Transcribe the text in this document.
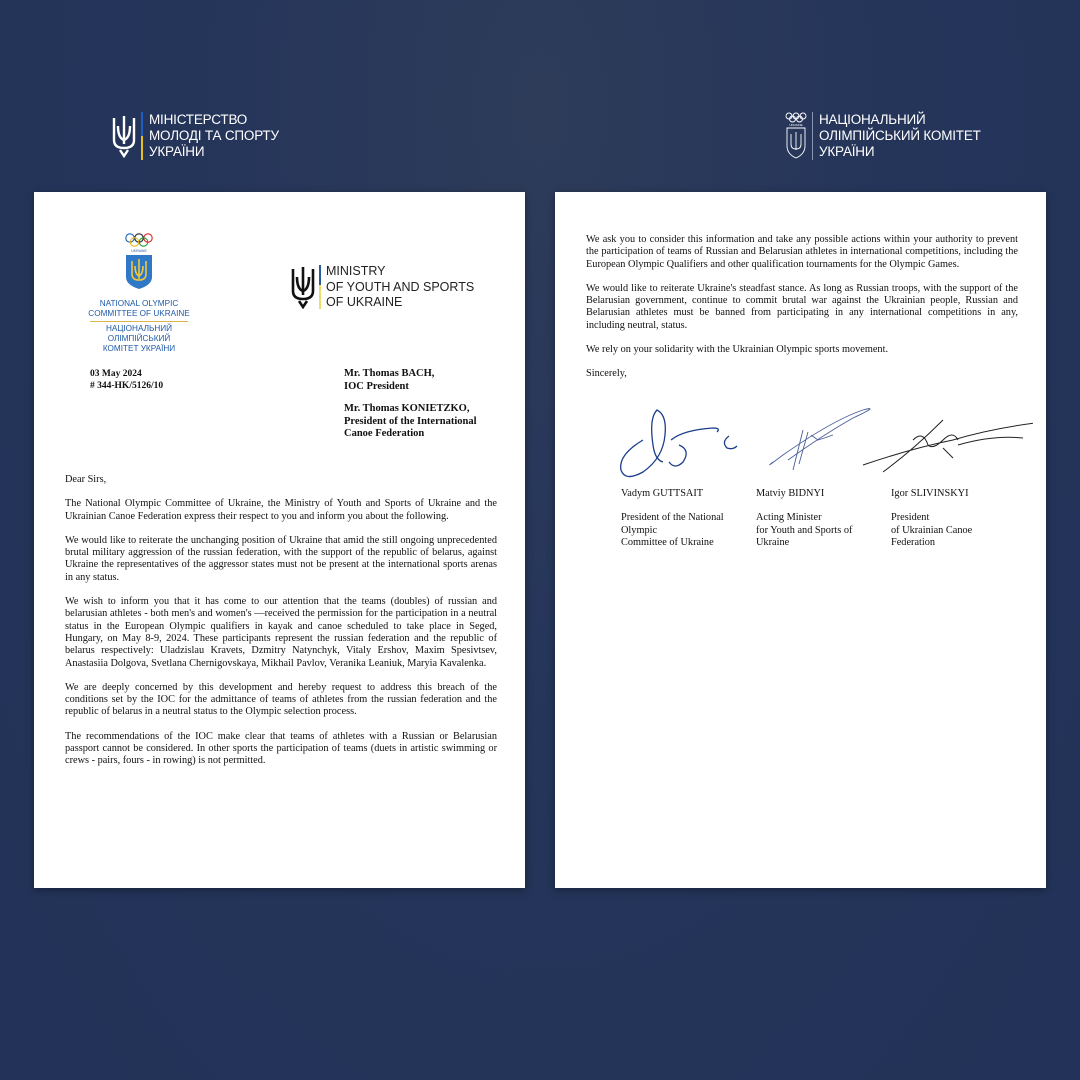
МІНІСТЕРСТВО
МОЛОДІ ТА СПОРТУ
УКРАЇНИ
UKRAINE НАЦІОНАЛЬНИЙ
ОЛІМПІЙСЬКИЙ КОМІТЕТ
УКРАЇНИ
UKRAINE
NATIONAL OLYMPIC
COMMITTEE OF UKRAINE
НАЦІОНАЛЬНИЙ ОЛІМПІЙСЬКИЙ
КОМІТЕТ УКРАЇНИ
MINISTRY
OF YOUTH AND SPORTS
OF UKRAINE
03 May 2024
# 344-HK/5126/10
Mr. Thomas BACH,
IOC President
Mr. Thomas KONIETZKO,
President of the International
Canoe Federation

Dear Sirs,

The National Olympic Committee of Ukraine, the Ministry of Youth and Sports of Ukraine and the Ukrainian Canoe Federation express their respect to you and inform you about the following.

We would like to reiterate the unchanging position of Ukraine that amid the still ongoing unprecedented brutal military aggression of the russian federation, with the support of the republic of belarus, against Ukraine the representatives of the aggressor states must not be present at the international sports arenas in any status.

We wish to inform you that it has come to our attention that the teams (doubles) of russian and belarusian athletes - both men's and women's —received the permission for the participation in a neutral status in the European Olympic qualifiers in kayak and canoe scheduled to take place in Seged, Hungary, on May 8-9, 2024. These participants represent the russian federation and the republic of belarus respectively: Uladzislau Kravets, Dzmitry Natynchyk, Vitaly Ershov, Maxim Spesivtsev, Anastasiia Dolgova, Svetlana Chernigovskaya, Mikhail Pavlov, Veranika Leaniuk, Maryia Kavalenka.

We are deeply concerned by this development and hereby request to address this breach of the conditions set by the IOC for the admittance of teams of athletes from the russian federation and the republic of belarus in a neutral status to the Olympic selection process.

The recommendations of the IOC make clear that teams of athletes with a Russian or Belarusian passport cannot be considered. In other sports the participation of teams (duets in artistic swimming or crews - pairs, fours - in rowing) is not permitted.

We ask you to consider this information and take any possible actions within your authority to prevent the participation of teams of Russian and Belarusian athletes in international competitions, including the European Olympic Qualifiers and other qualification tournaments for the Olympic Games.

We would like to reiterate Ukraine's steadfast stance. As long as Russian troops, with the support of the Belarusian government, continue to commit brutal war against the Ukrainian people, Russian and Belarusian athletes must be banned from participating in any international competitions in any, including neutral, status.

We rely on your solidarity with the Ukrainian Olympic sports movement.

Sincerely,

Vadym GUTTSAIT
President of the National
Olympic
Committee of Ukraine
Matviy BIDNYI
Acting Minister
for Youth and Sports of
Ukraine
Igor SLIVINSKYI
President
of Ukrainian Canoe
Federation
